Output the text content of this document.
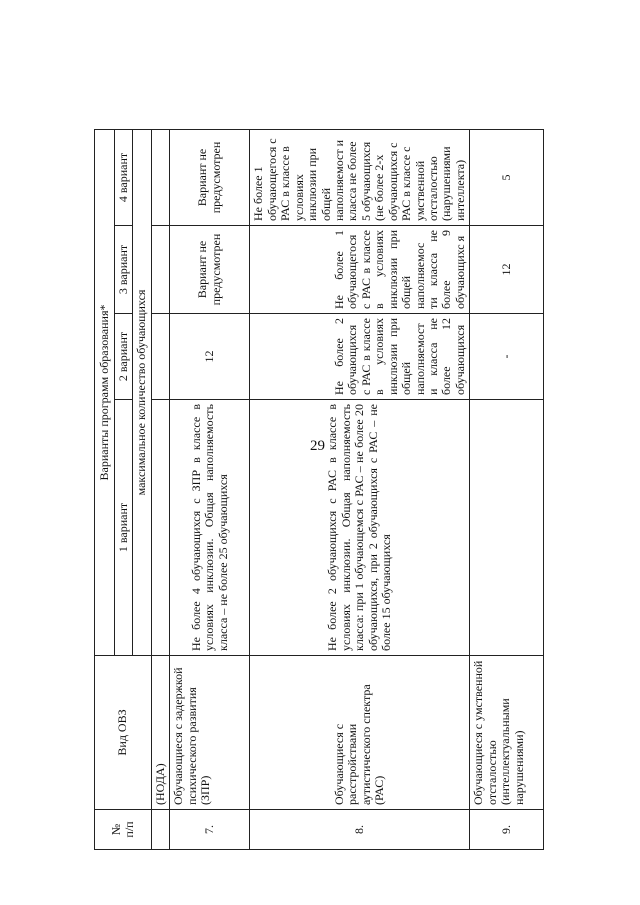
29
№
п/п	Вид ОВЗ	Варианты программ образования*			
		1 вариант	2 вариант	3 вариант	4 вариант
		максимальное количество обучающихся			
	(НОДА)				
7.	Обучающиеся с задержкой психического развития (ЗПР)	Не более 4 обучающихся с ЗПР в классе в условиях инклюзии. Общая наполняемость класса – не более 25 обучающихся	12	Вариант не предусмотрен	Вариант не предусмотрен
8.	Обучающиеся с расстройствами аутистического спектра (РАС)	Не более 2 обучающихся с РАС в классе в условиях инклюзии. Общая наполняемость класса: при 1 обучающемся с РАС – не более 20 обучающихся, при 2 обучающихся с РАС – не более 15 обучающихся	Не более 2 обучающихся с РАС в классе в условиях инклюзии при общей наполняемост и класса не более 12 обучающихся	Не более 1 обучающегося с РАС в классе в условиях инклюзии при общей наполняемос ти класса не более 9 обучающихс я	Не более 1 обучающегося с РАС в классе в условиях инклюзии при общей наполняемост и класса не более 5 обучающихся (не более 2-х обучающихся с РАС в классе с умственной отсталостью (нарушениями интеллекта)
9.	Обучающиеся с умственной отсталостью (интеллектуальными нарушениями)		-	12	5
